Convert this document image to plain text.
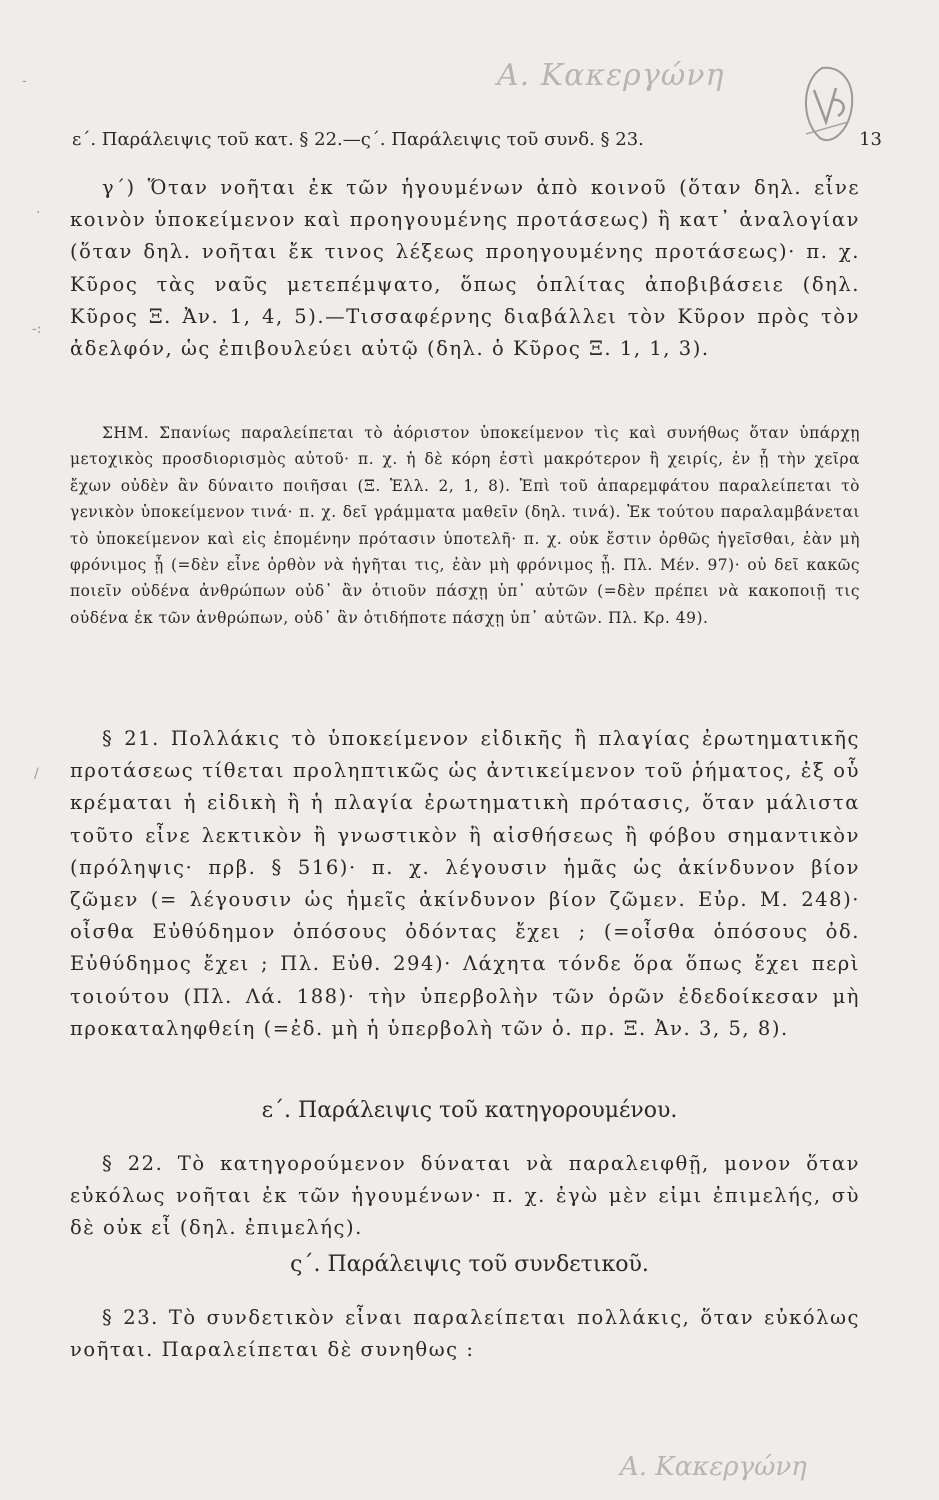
Α. Κακεργώνη
-
·
-:
/
ε΄. Παράλειψις τοῦ κατ. § 22.—ς΄. Παράλειψις τοῦ συνδ. § 23.	13
γ΄) Ὅταν νοῆται ἐκ τῶν ἡγουμένων ἀπὸ κοινοῦ (ὅταν δηλ. εἶνε κοινὸν ὑποκείμενον καὶ προηγουμένης προτάσεως) ἢ κατ᾽ ἀναλογίαν (ὅταν δηλ. νοῆται ἔκ τινος λέξεως προηγουμένης προτάσεως)· π. χ. Κῦρος τὰς ναῦς μετεπέμψατο, ὅπως ὁπλίτας ἀποβιβάσειε (δηλ. Κῦρος Ξ. Ἀν. 1, 4, 5).—Τισσαφέρνης διαβάλλει τὸν Κῦρον πρὸς τὸν ἀδελφόν, ὡς ἐπιβουλεύει αὐτῷ (δηλ. ὁ Κῦρος Ξ. 1, 1, 3).
ΣΗΜ. Σπανίως παραλείπεται τὸ ἀόριστον ὑποκείμενον τὶς καὶ συνήθως ὅταν ὑπάρχῃ μετοχικὸς προσδιορισμὸς αὐτοῦ· π. χ. ἡ δὲ κόρη ἐστὶ μακρότερον ἢ χειρίς, ἐν ᾗ τὴν χεῖρα ἔχων οὐδὲν ἂν δύναιτο ποιῆσαι (Ξ. Ἑλλ. 2, 1, 8). Ἐπὶ τοῦ ἀπαρεμφάτου παραλείπεται τὸ γενικὸν ὑποκείμενον τινά· π. χ. δεῖ γράμματα μαθεῖν (δηλ. τινά). Ἐκ τούτου παραλαμβάνεται τὸ ὑποκείμενον καὶ εἰς ἑπομένην πρότασιν ὑποτελῆ· π. χ. οὐκ ἔστιν ὀρθῶς ἡγεῖσθαι, ἐὰν μὴ φρόνιμος ᾖ (=δὲν εἶνε ὀρθὸν νὰ ἡγῆται τις, ἐὰν μὴ φρόνιμος ᾖ. Πλ. Μέν. 97)· οὐ δεῖ κακῶς ποιεῖν οὐδένα ἀνθρώπων οὐδ᾽ ἂν ὁτιοῦν πάσχῃ ὑπ᾽ αὐτῶν (=δὲν πρέπει νὰ κακοποιῇ τις οὐδένα ἐκ τῶν ἀνθρώπων, οὐδ᾽ ἂν ὁτιδήποτε πάσχῃ ὑπ᾽ αὐτῶν. Πλ. Κρ. 49).
§ 21. Πολλάκις τὸ ὑποκείμενον εἰδικῆς ἢ πλαγίας ἐρωτηματικῆς προτάσεως τίθεται προληπτικῶς ὡς ἀντικείμενον τοῦ ῥήματος, ἐξ οὗ κρέμαται ἡ εἰδικὴ ἢ ἡ πλαγία ἐρωτηματικὴ πρότασις, ὅταν μάλιστα τοῦτο εἶνε λεκτικὸν ἢ γνωστικὸν ἢ αἰσθήσεως ἢ φόβου σημαντικὸν (πρόληψις· πρβ. § 516)· π. χ. λέγουσιν ἡμᾶς ὡς ἀκίνδυνον βίον ζῶμεν (= λέγουσιν ὡς ἡμεῖς ἀκίνδυνον βίον ζῶμεν. Εὐρ. Μ. 248)· οἶσθα Εὐθύδημον ὁπόσους ὀδόντας ἔχει ; (=οἶσθα ὁπόσους ὀδ. Εὐθύδημος ἔχει ; Πλ. Εὐθ. 294)· Λάχητα τόνδε ὅρα ὅπως ἔχει περὶ τοιούτου (Πλ. Λά. 188)· τὴν ὑπερβολὴν τῶν ὁρῶν ἐδεδοίκεσαν μὴ προκαταληφθείη (=ἐδ. μὴ ἡ ὑπερβολὴ τῶν ὁ. πρ. Ξ. Ἀν. 3, 5, 8).
ε΄. Παράλειψις τοῦ κατηγορουμένου.
§ 22. Τὸ κατηγορούμενον δύναται νὰ παραλειφθῇ, μονον ὅταν εὐκόλως νοῆται ἐκ τῶν ἡγουμένων· π. χ. ἐγὼ μὲν εἰμι ἐπιμελής, σὺ δὲ οὐκ εἶ (δηλ. ἐπιμελής).
ς΄. Παράλειψις τοῦ συνδετικοῦ.
§ 23. Τὸ συνδετικὸν εἶναι παραλείπεται πολλάκις, ὅταν εὐκόλως νοῆται. Παραλείπεται δὲ συνηθως :
Α. Κακεργώνη
